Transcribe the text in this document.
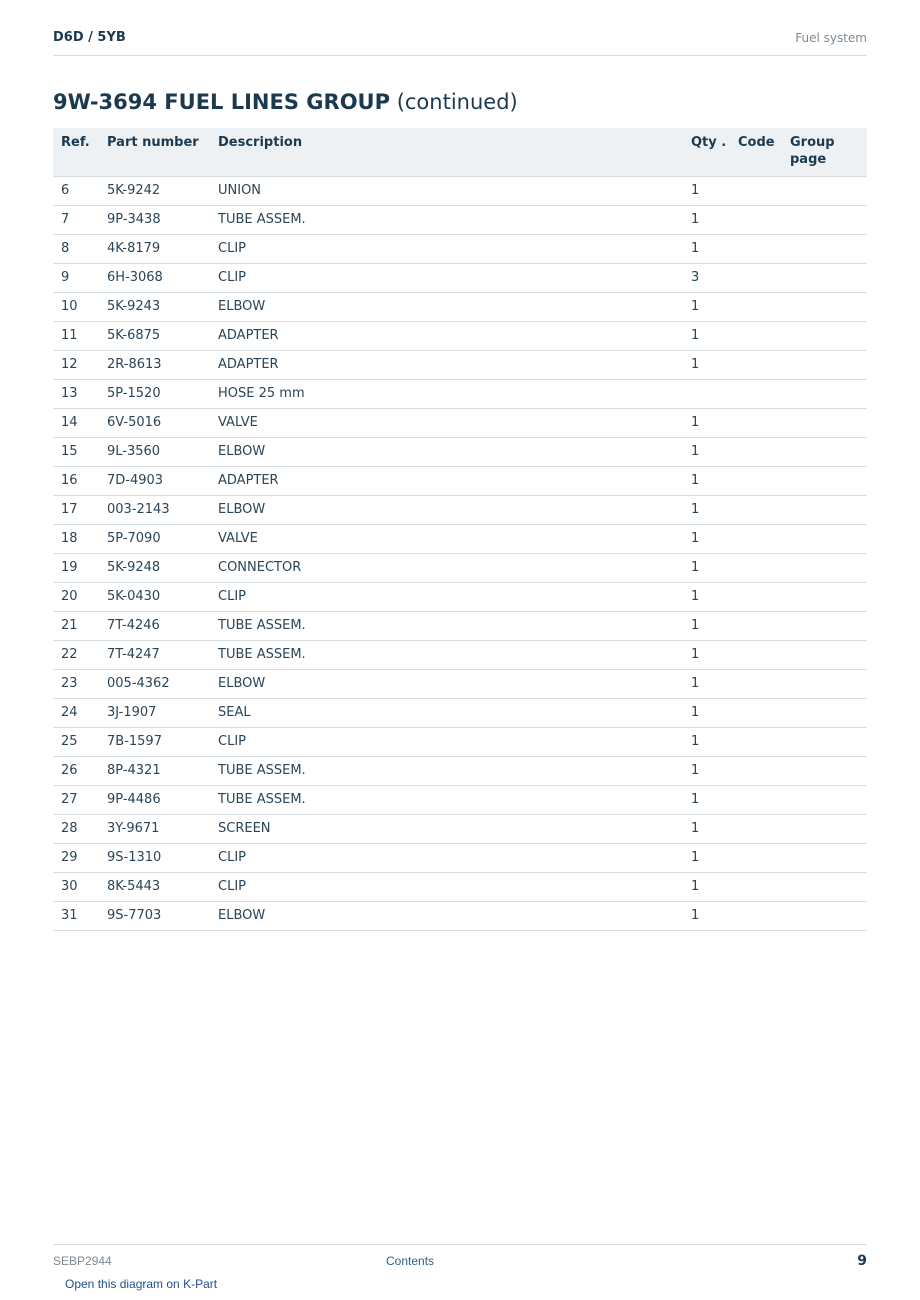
D6D / 5YB	Fuel system
9W-3694 FUEL LINES GROUP (continued)
Ref.	Part number	Description	Qty .	Code	Group page
6	5K-9242	UNION	1		
7	9P-3438	TUBE ASSEM.	1		
8	4K-8179	CLIP	1		
9	6H-3068	CLIP	3		
10	5K-9243	ELBOW	1		
11	5K-6875	ADAPTER	1		
12	2R-8613	ADAPTER	1		
13	5P-1520	HOSE 25 mm			
14	6V-5016	VALVE	1		
15	9L-3560	ELBOW	1		
16	7D-4903	ADAPTER	1		
17	003-2143	ELBOW	1		
18	5P-7090	VALVE	1		
19	5K-9248	CONNECTOR	1		
20	5K-0430	CLIP	1		
21	7T-4246	TUBE ASSEM.	1		
22	7T-4247	TUBE ASSEM.	1		
23	005-4362	ELBOW	1		
24	3J-1907	SEAL	1		
25	7B-1597	CLIP	1		
26	8P-4321	TUBE ASSEM.	1		
27	9P-4486	TUBE ASSEM.	1		
28	3Y-9671	SCREEN	1		
29	9S-1310	CLIP	1		
30	8K-5443	CLIP	1		
31	9S-7703	ELBOW	1		
SEBP2944	Contents	9
Open this diagram on K-Part
